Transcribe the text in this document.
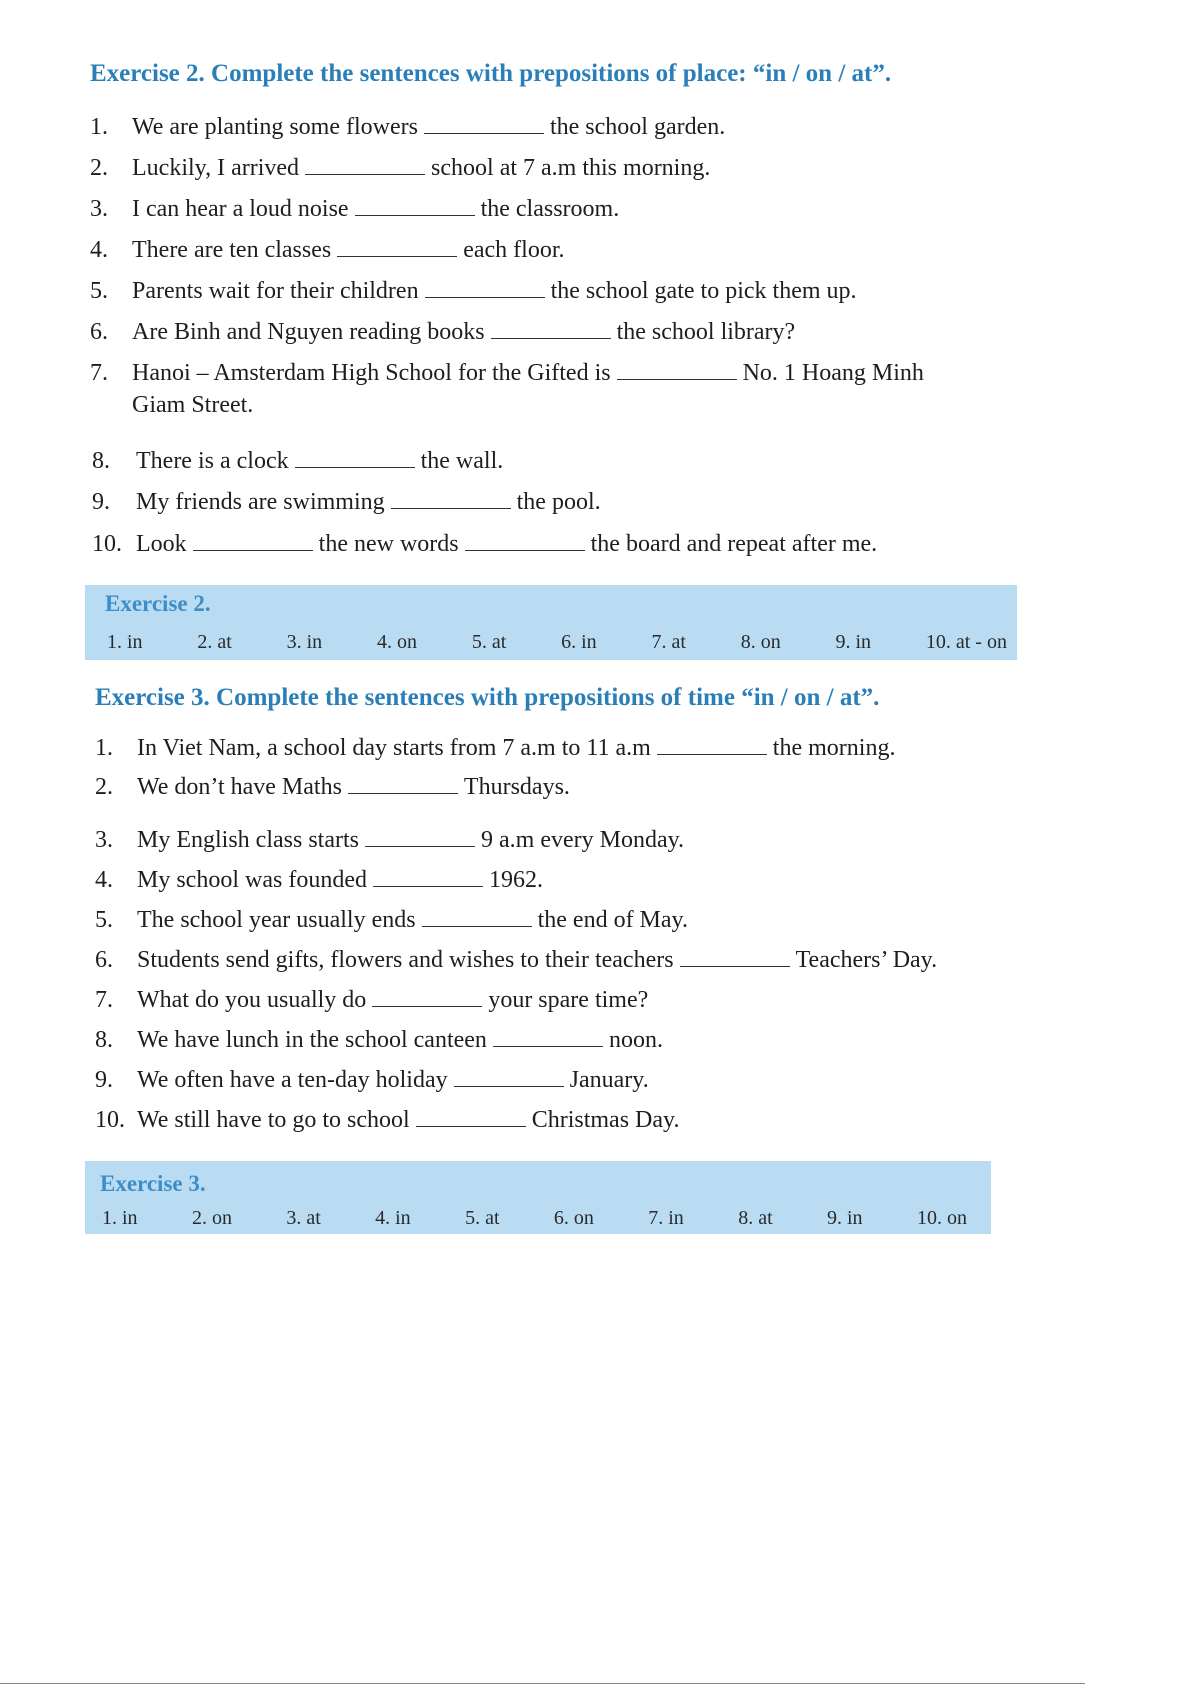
Exercise 2. Complete the sentences with prepositions of place: “in / on / at”.
1. We are planting some flowers	the school garden.
2. Luckily, I arrived	school at 7 a.m this morning.
3. I can hear a loud noise	the classroom.
4. There are ten classes	each floor.
5. Parents wait for their children	the school gate to pick them up.
6. Are Binh and Nguyen reading books	the school library?
7. Hanoi – Amsterdam High School for the Gifted is	No. 1 Hoang Minh
Giam Street.
8. There is a clock	the wall.
9. My friends are swimming	the pool.
10. Look	the new words	the board and repeat after me.
Exercise 2.
1. in	2. at	3. in	4. on	5. at	6. in	7. at	8. on	9. in	10. at - on
Exercise 3. Complete the sentences with prepositions of time “in / on / at”.
1. In Viet Nam, a school day starts from 7 a.m to 11 a.m	the morning.
2. We don’t have Maths	Thursdays.
3. My English class starts	9 a.m every Monday.
4. My school was founded	1962.
5. The school year usually ends	the end of May.
6. Students send gifts, flowers and wishes to their teachers	Teachers’ Day.
7. What do you usually do	your spare time?
8. We have lunch in the school canteen	noon.
9. We often have a ten-day holiday	January.
10. We still have to go to school	Christmas Day.
Exercise 3.
1. in	2. on	3. at	4. in	5. at	6. on	7. in	8. at	9. in	10. on
